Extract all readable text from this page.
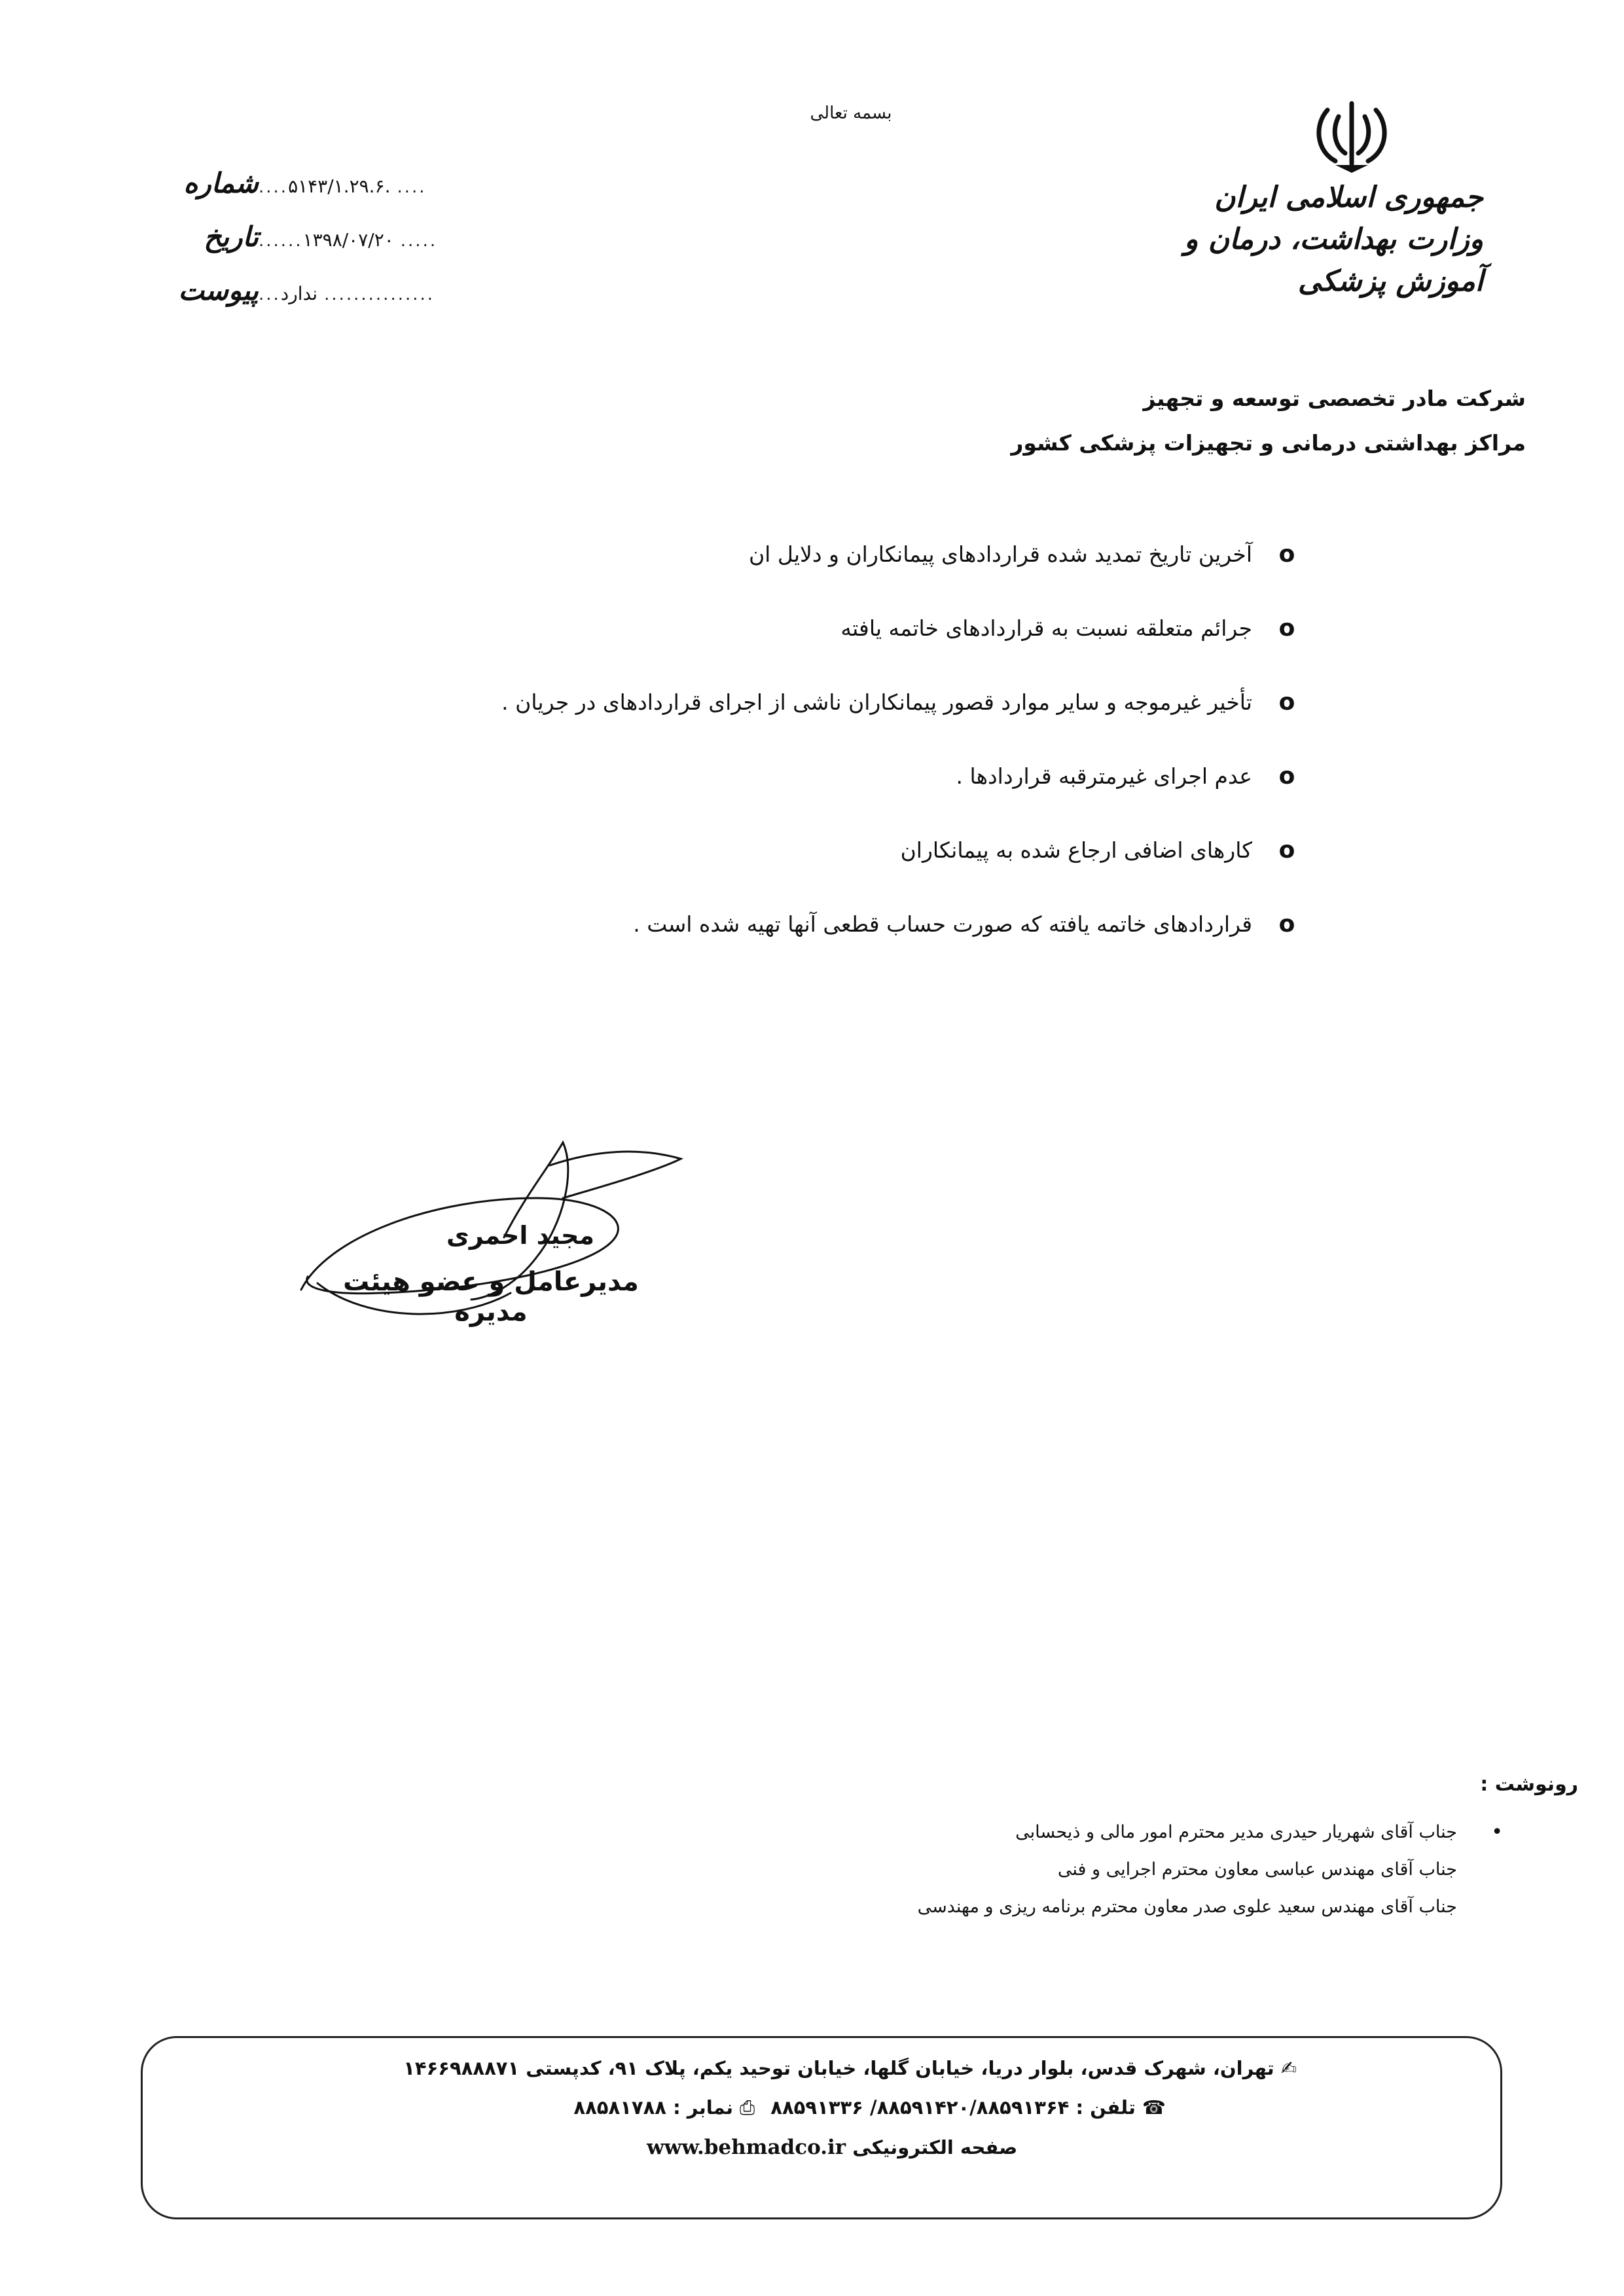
بسمه تعالی
جمهوری اسلامی ایران
وزارت بهداشت، درمان و آموزش پزشکی
شرکت مادر تخصصی توسعه و تجهیز
مراکز بهداشتی درمانی و تجهیزات پزشکی کشور
شماره .... ۵۱۴۳/۱.۲۹.۶. ....
تاریخ ...... ۱۳۹۸/۰۷/۲۰ .....
پیوست ... ندارد ...............
o
آخرین تاریخ تمدید شده قراردادهای پیمانکاران و دلایل ان
o
جرائم متعلقه نسبت به قراردادهای خاتمه یافته
o
تأخیر غیرموجه و سایر موارد قصور پیمانکاران ناشی از اجرای قراردادهای در جریان .
o
عدم اجرای غیرمترقبه قراردادها .
o
کارهای اضافی ارجاع شده به پیمانکاران
o
قراردادهای خاتمه یافته که صورت حساب قطعی آنها تهیه شده است .
مجید احمری
مدیرعامل و عضو هیئت مدیره
رونوشت :
•
جناب آقای شهریار حیدری مدیر محترم امور مالی و ذیحسابی
جناب آقای مهندس عباسی معاون محترم اجرایی و فنی
جناب آقای مهندس سعید علوی صدر معاون محترم برنامه ریزی و مهندسی
✍تهران، شهرک قدس، بلوار دریا، خیابان گلها، خیابان توحید یکم، پلاک ۹۱، کدپستی ۱۴۶۶۹۸۸۸۷۱
☎تلفن : ۸۸۵۹۱۴۲۰/۸۸۵۹۱۳۶۴/ ۸۸۵۹۱۳۳۶ ⎙نمابر : ۸۸۵۸۱۷۸۸
صفحه الکترونیکی www.behmadco.ir
